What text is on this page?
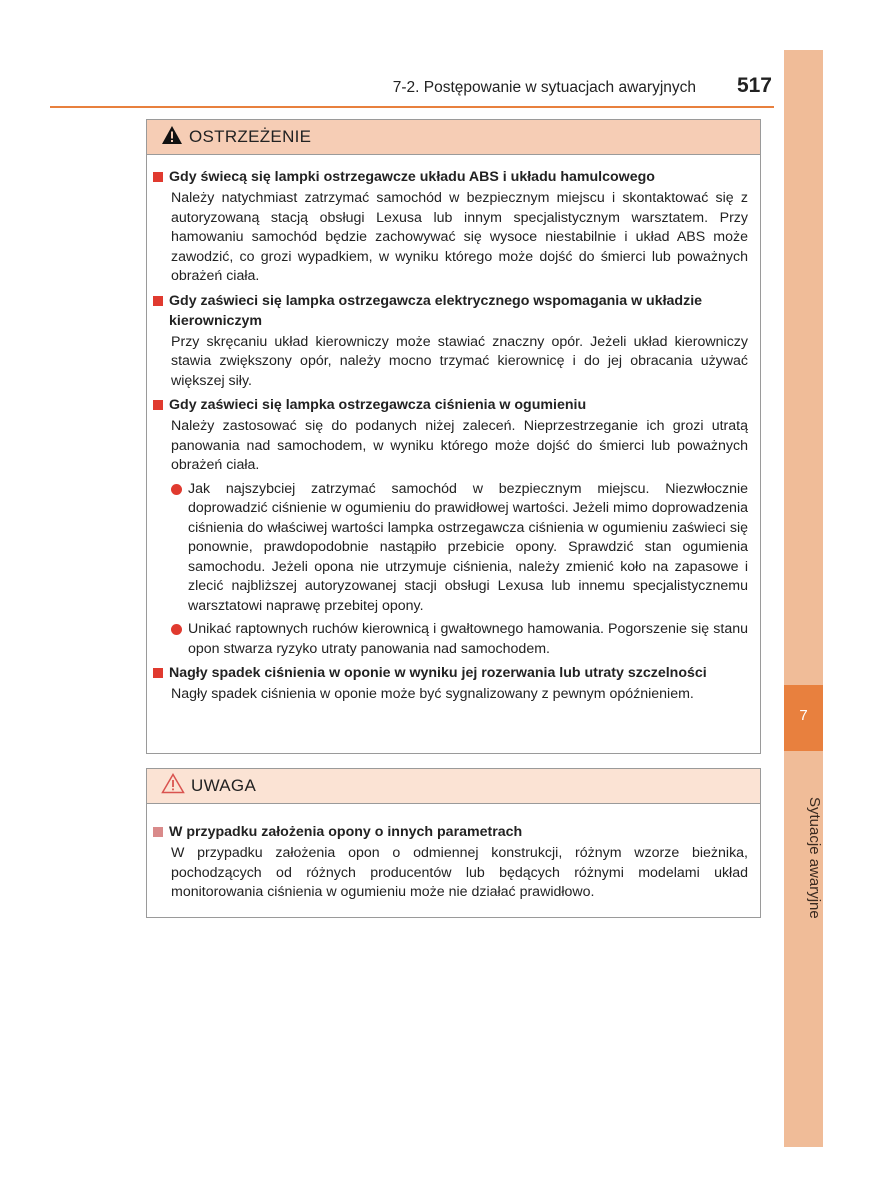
7
Sytuacje awaryjne
7-2. Postępowanie w sytuacjach awaryjnych 517
OSTRZEŻENIE
Gdy świecą się lampki ostrzegawcze układu ABS i układu hamulcowego
Należy natychmiast zatrzymać samochód w bezpiecznym miejscu i skontaktować się z autoryzowaną stacją obsługi Lexusa lub innym specjalistycznym warsztatem. Przy hamowaniu samochód będzie zachowywać się wysoce niestabilnie i układ ABS może zawodzić, co grozi wypadkiem, w wyniku którego może dojść do śmierci lub poważnych obrażeń ciała.
Gdy zaświeci się lampka ostrzegawcza elektrycznego wspomagania w układzie kierowniczym
Przy skręcaniu układ kierowniczy może stawiać znaczny opór. Jeżeli układ kierowniczy stawia zwiększony opór, należy mocno trzymać kierownicę i do jej obracania używać większej siły.
Gdy zaświeci się lampka ostrzegawcza ciśnienia w ogumieniu
Należy zastosować się do podanych niżej zaleceń. Nieprzestrzeganie ich grozi utratą panowania nad samochodem, w wyniku którego może dojść do śmierci lub poważnych obrażeń ciała.
Jak najszybciej zatrzymać samochód w bezpiecznym miejscu. Niezwłocznie doprowadzić ciśnienie w ogumieniu do prawidłowej wartości. Jeżeli mimo doprowadzenia ciśnienia do właściwej wartości lampka ostrzegawcza ciśnienia w ogumieniu zaświeci się ponownie, prawdopodobnie nastąpiło przebicie opony. Sprawdzić stan ogumienia samochodu. Jeżeli opona nie utrzymuje ciśnienia, należy zmienić koło na zapasowe i zlecić najbliższej autoryzowanej stacji obsługi Lexusa lub innemu specjalistycznemu warsztatowi naprawę przebitej opony.
Unikać raptownych ruchów kierownicą i gwałtownego hamowania. Pogorszenie się stanu opon stwarza ryzyko utraty panowania nad samochodem.
Nagły spadek ciśnienia w oponie w wyniku jej rozerwania lub utraty szczelności
Nagły spadek ciśnienia w oponie może być sygnalizowany z pewnym opóźnieniem.
UWAGA
W przypadku założenia opony o innych parametrach
W przypadku założenia opon o odmiennej konstrukcji, różnym wzorze bieżnika, pochodzących od różnych producentów lub będących różnymi modelami układ monitorowania ciśnienia w ogumieniu może nie działać prawidłowo.
